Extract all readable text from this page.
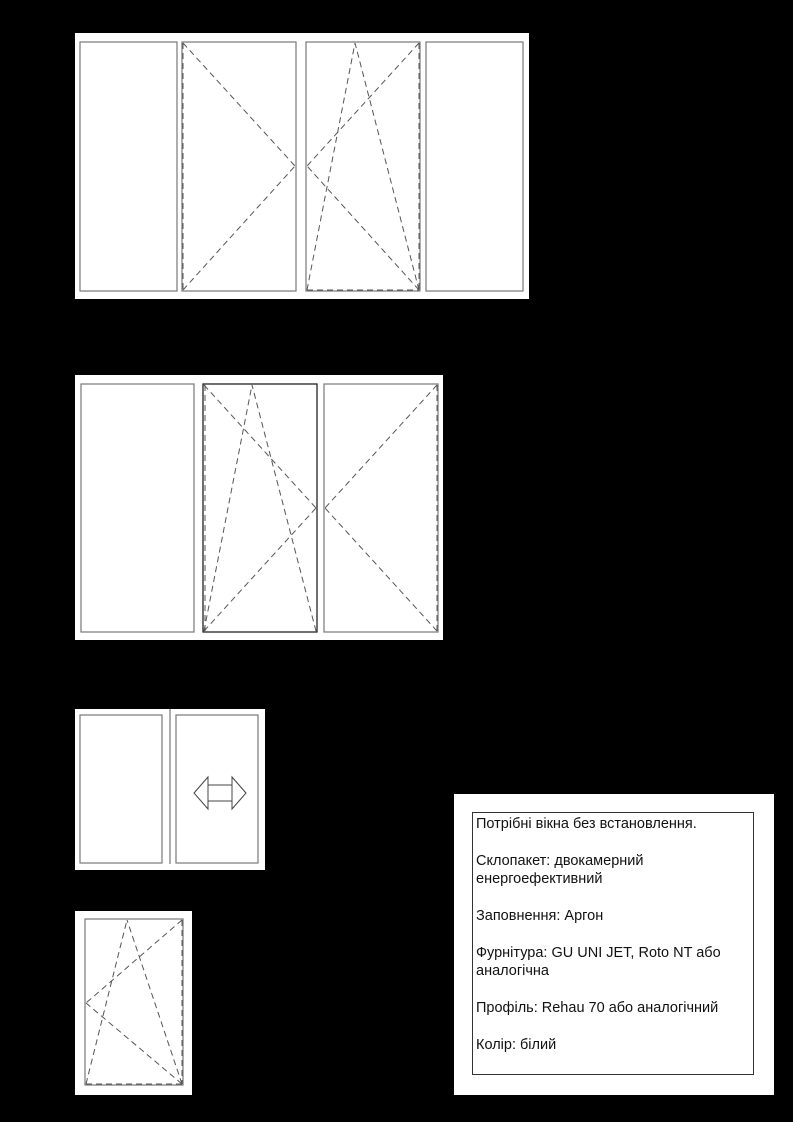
Потрібні вікна без встановлення.

Склопакет: двокамерний енергоефективний

Заповнення: Аргон

Фурнітура: GU UNI JET, Roto NT або аналогічна

Профіль: Rehau 70 або аналогічний

Колір: білий
